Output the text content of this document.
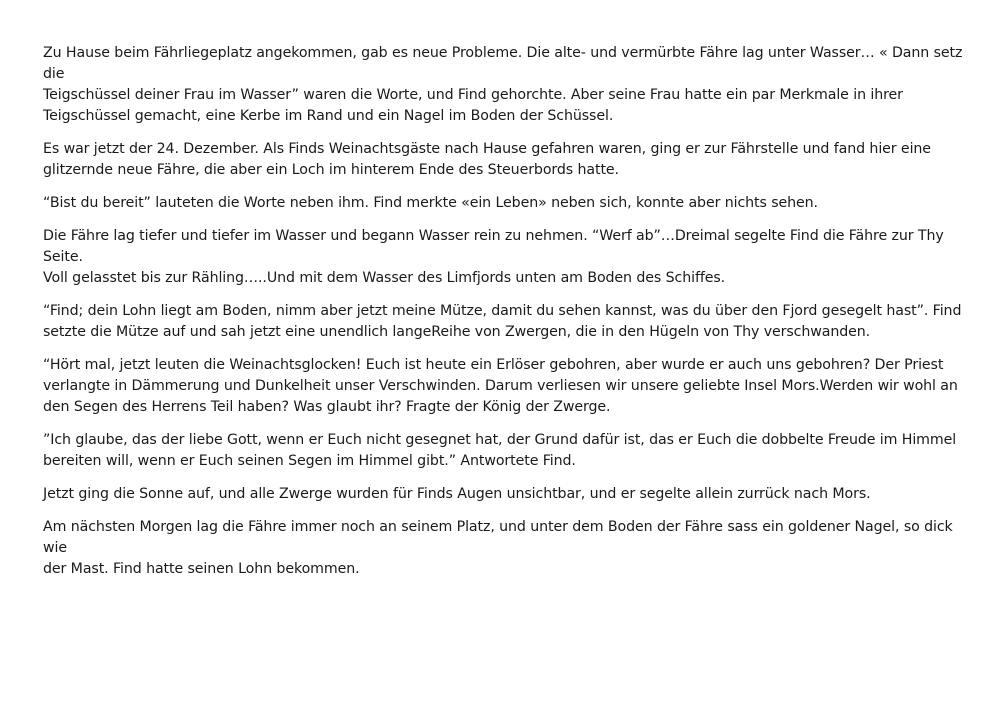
Zu Hause beim Fährliegeplatz angekommen, gab es neue Probleme. Die alte- und vermürbte Fähre lag unter Wasser… « Dann setz die
Teigschüssel deiner Frau im Wasser” waren die Worte, und Find gehorchte. Aber seine Frau hatte ein par Merkmale in ihrer
Teigschüssel gemacht, eine Kerbe im Rand und ein Nagel im Boden der Schüssel.

Es war jetzt der 24. Dezember. Als Finds Weinachtsgäste nach Hause gefahren waren, ging er zur Fährstelle und fand hier eine
glitzernde neue Fähre, die aber ein Loch im hinterem Ende des Steuerbords hatte.

“Bist du bereit” lauteten die Worte neben ihm. Find merkte «ein Leben» neben sich, konnte aber nichts sehen.

Die Fähre lag tiefer und tiefer im Wasser und begann Wasser rein zu nehmen. “Werf ab”…Dreimal segelte Find die Fähre zur Thy Seite.
Voll gelasstet bis zur Rähling…..Und mit dem Wasser des Limfjords unten am Boden des Schiffes.

“Find; dein Lohn liegt am Boden, nimm aber jetzt meine Mütze, damit du sehen kannst, was du über den Fjord gesegelt hast”. Find
setzte die Mütze auf und sah jetzt eine unendlich langeReihe von Zwergen, die in den Hügeln von Thy verschwanden.

“Hört mal, jetzt leuten die Weinachtsglocken! Euch ist heute ein Erlöser gebohren, aber wurde er auch uns gebohren? Der Priest
verlangte in Dämmerung und Dunkelheit unser Verschwinden. Darum verliesen wir unsere geliebte Insel Mors.Werden wir wohl an
den Segen des Herrens Teil haben? Was glaubt ihr? Fragte der König der Zwerge.

”Ich glaube, das der liebe Gott, wenn er Euch nicht gesegnet hat, der Grund dafür ist, das er Euch die dobbelte Freude im Himmel
bereiten will, wenn er Euch seinen Segen im Himmel gibt.” Antwortete Find.

Jetzt ging die Sonne auf, und alle Zwerge wurden für Finds Augen unsichtbar, und er segelte allein zurrück nach Mors.

Am nächsten Morgen lag die Fähre immer noch an seinem Platz, und unter dem Boden der Fähre sass ein goldener Nagel, so dick wie
der Mast. Find hatte seinen Lohn bekommen.
